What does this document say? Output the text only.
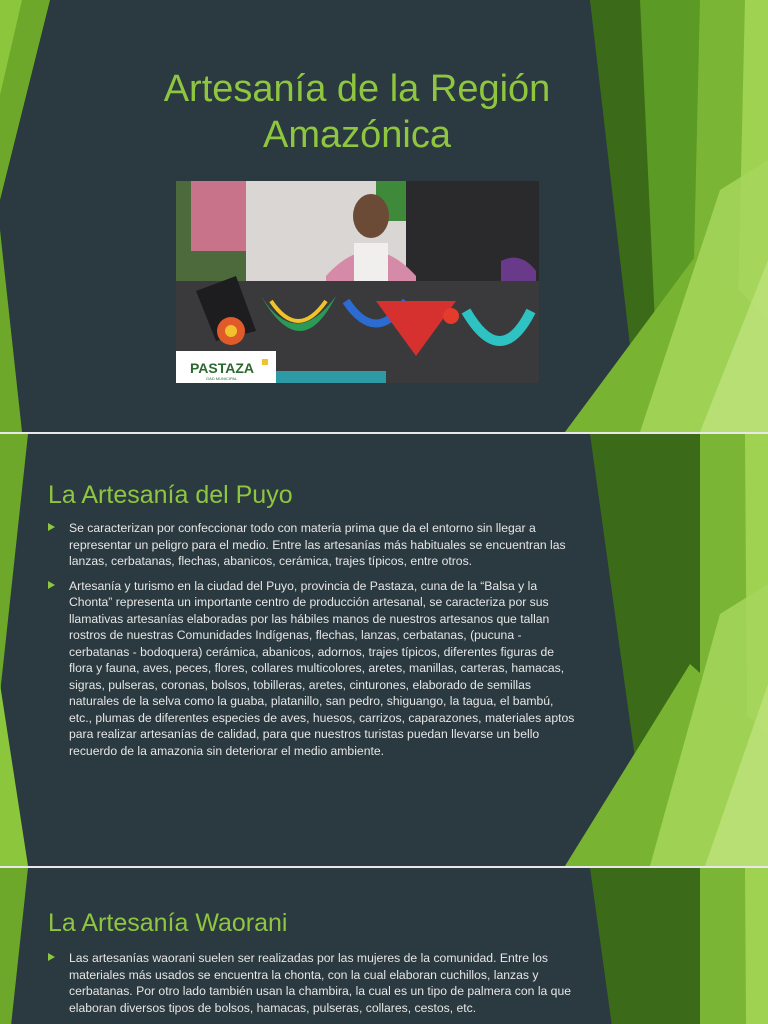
Artesanía de la Región
Amazónica
PASTAZA
GAD MUNICIPAL
La Artesanía del Puyo
Se caracterizan por confeccionar todo con materia prima que da el entorno sin llegar a representar un peligro para el medio. Entre las artesanías más habituales se encuentran las lanzas, cerbatanas, flechas, abanicos, cerámica, trajes típicos, entre otros.
Artesanía y turismo en la ciudad del Puyo, provincia de Pastaza, cuna de la “Balsa y la Chonta” representa un importante centro de producción artesanal, se caracteriza por sus llamativas artesanías elaboradas por las hábiles manos de nuestros artesanos que tallan rostros de nuestras Comunidades Indígenas, flechas, lanzas, cerbatanas, (pucuna - cerbatanas - bodoquera) cerámica, abanicos, adornos, trajes típicos, diferentes figuras de flora y fauna, aves, peces, flores, collares multicolores, aretes, manillas, carteras, hamacas, sigras, pulseras, coronas, bolsos, tobilleras, aretes, cinturones, elaborado de semillas naturales de la selva como la guaba, platanillo, san pedro, shiguango, la tagua, el bambú, etc., plumas de diferentes especies de aves, huesos, carrizos, caparazones, materiales aptos para realizar artesanías de calidad, para que nuestros turistas puedan llevarse un bello recuerdo de la amazonia sin deteriorar el medio ambiente.
La Artesanía Waorani
Las artesanías waorani suelen ser realizadas por las mujeres de la comunidad. Entre los materiales más usados se encuentra la chonta, con la cual elaboran cuchillos, lanzas y cerbatanas. Por otro lado también usan la chambira, la cual es un tipo de palmera con la que elaboran diversos tipos de bolsos, hamacas, pulseras, collares, cestos, etc.
